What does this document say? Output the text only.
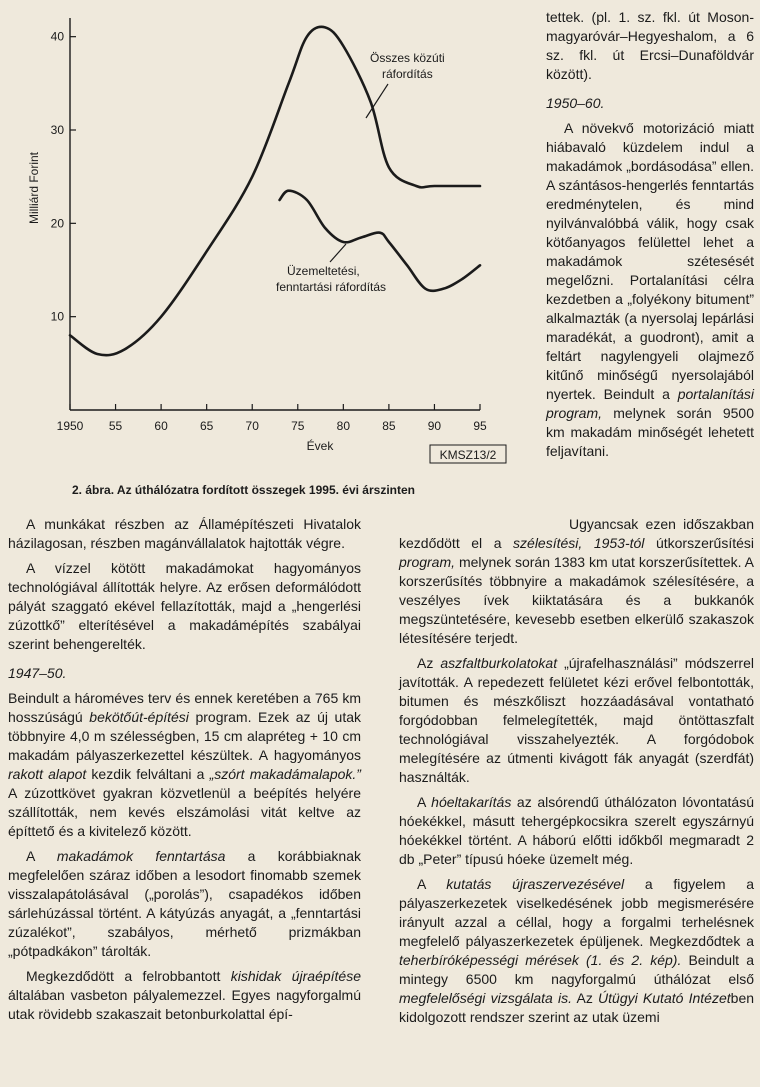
Milliárd Forint
Évek
1950 55	60	65	70	75	80	85	90	95
10
20
30
40
Összes közúti
ráfordítás
Üzemeltetési,
fenntartási ráfordítás
KMSZ13/2
2. ábra. Az úthálózatra fordított összegek 1995. évi árszinten

tettek. (pl. 1. sz. fkl. út Mosonmagyaróvár–Hegyeshalom, a 6 sz. fkl. út Ercsi–Dunaföldvár között).

1950–60.

A növekvő motorizáció miatt hiábavaló küzdelem indul a makadámok „bordásodása” ellen. A szántásos-hengerlés fenntartás eredménytelen, és mind nyilvánvalóbbá válik, hogy csak kötőanyagos felülettel lehet a makadámok szétesését megelőzni. Portalanítási célra kezdetben a „folyékony bitument” alkalmazták (a nyersolaj lepárlási maradékát, a guodront), amit a feltárt nagylengyeli olajmező kitűnő minőségű nyersolajából nyertek. Beindult a portalanítási program, melynek során 9500 km makadám minőségét lehetett feljavítani.

Ugyancsak ezen időszakban kezdődött el a szélesítési, 1953-tól útkorszerűsítési program, melynek során 1383 km utat korszerűsítettek. A korszerűsítés többnyire a makadámok szélesítésére, a veszélyes ívek kiiktatására és a bukkanók megszüntetésére, kevesebb esetben elkerülő szakaszok létesítésére terjedt.

Az aszfaltburkolatokat „újrafelhasználási” módszerrel javították. A repedezett felületet kézi erővel felbontották, bitumen és mészkőliszt hozzáadásával vontatható forgódobban felmelegítették, majd öntöttaszfalt technológiával visszahelyezték. A forgódobok melegítésére az útmenti kivágott fák anyagát (szerdfát) használták.

A hóeltakarítás az alsórendű úthálózaton lóvontatású hóekékkel, másutt tehergépkocsikra szerelt egyszárnyú hóekékkel történt. A háború előtti időkből megmaradt 2 db „Peter” típusú hóeke üzemelt még.

A kutatás újraszervezésével a figyelem a pályaszerkezetek viselkedésének jobb megismerésére irányult azzal a céllal, hogy a forgalmi terhelésnek megfelelő pályaszerkezetek épüljenek. Megkezdődtek a teherbíróképességi mérések (1. és 2. kép). Beindult a mintegy 6500 km nagyforgalmú úthálózat első megfelelőségi vizsgálata is. Az Útügyi Kutató Intézetben kidolgozott rendszer szerint az utak üzemi

A munkákat részben az Államépítészeti Hivatalok házilagosan, részben magánvállalatok hajtották végre.

A vízzel kötött makadámokat hagyományos technológiával állították helyre. Az erősen deformálódott pályát szaggató ekével fellazították, majd a „hengerlési zúzottkő” elterítésével a makadámépítés szabályai szerint behengerelték.

1947–50.

Beindult a hároméves terv és ennek keretében a 765 km hosszúságú bekötőút-építési program. Ezek az új utak többnyire 4,0 m szélességben, 15 cm alapréteg + 10 cm makadám pályaszerkezettel készültek. A hagyományos rakott alapot kezdik felváltani a „szórt makadámalapok.” A zúzottkövet gyakran közvetlenül a beépítés helyére szállították, nem kevés elszámolási vitát keltve az építtető és a kivitelező között.

A makadámok fenntartása a korábbiaknak megfelelően száraz időben a lesodort finomabb szemek visszalapátolásával („porolás”), csapadékos időben sárlehúzással történt. A kátyúzás anyagát, a „fenntartási zúzalékot”, szabályos, mérhető prizmákban „pótpadkákon” tárolták.

Megkezdődött a felrobbantott kishidak újraépítése általában vasbeton pályalemezzel. Egyes nagyforgalmú utak rövidebb szakaszait betonburkolattal épí-
